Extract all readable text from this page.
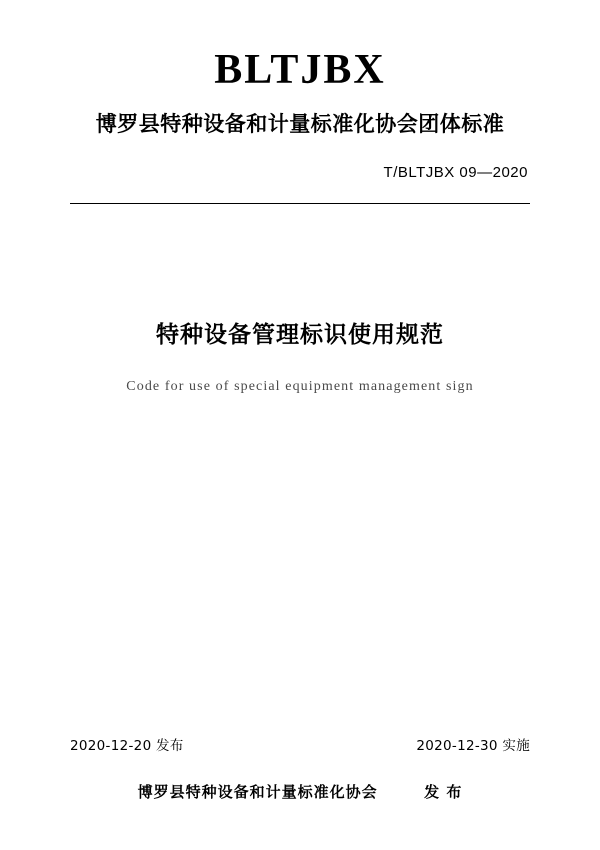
BLTJBX
博罗县特种设备和计量标准化协会团体标准
T/BLTJBX 09—2020
特种设备管理标识使用规范
Code for use of special equipment management sign
2020-12-20 发布	2020-12-30 实施
博罗县特种设备和计量标准化协会	发 布
